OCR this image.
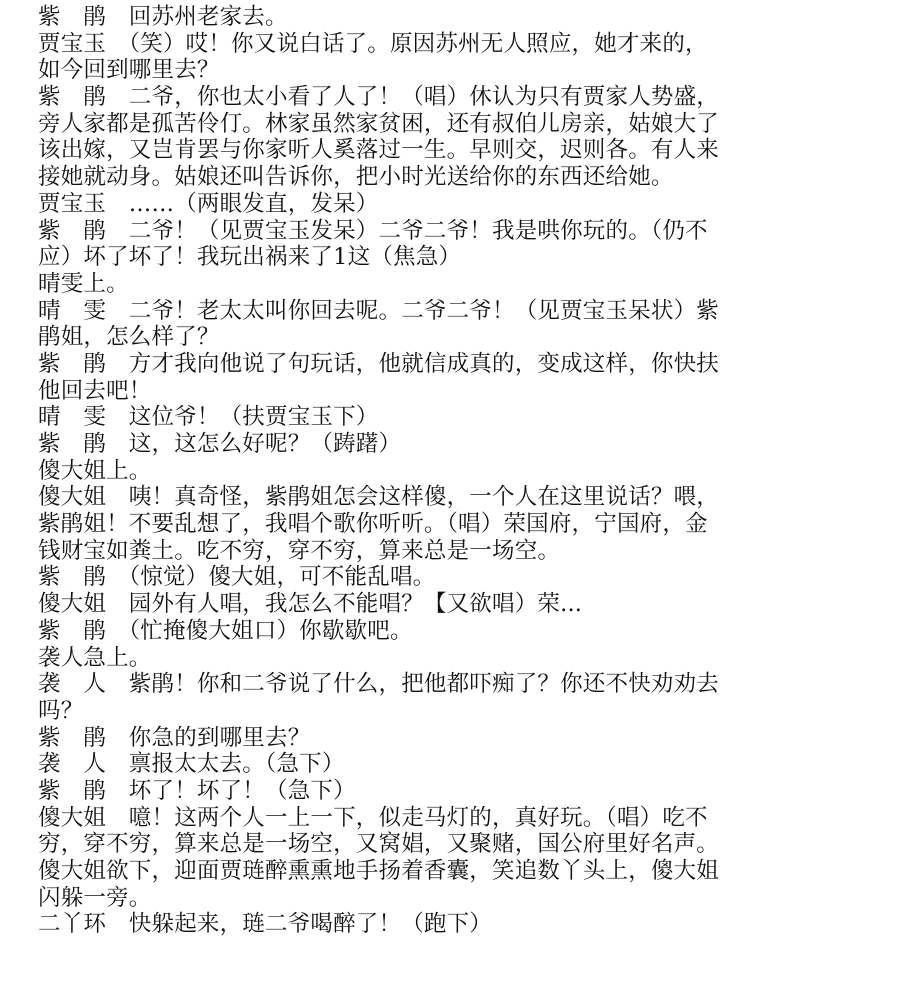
紫　鹃　回苏州老家去。
贾宝玉　（笑）哎！你又说白话了。原因苏州无人照应，她才来的，
如今回到哪里去？
紫　鹃　二爷，你也太小看了人了！（唱）休认为只有贾家人势盛，
旁人家都是孤苦伶仃。林家虽然家贫困，还有叔伯儿房亲，姑娘大了
该出嫁，又岂肯罢与你家听人奚落过一生。早则交，迟则各。有人来
接她就动身。姑娘还叫告诉你，把小时光送给你的东西还给她。
贾宝玉　……（两眼发直，发呆）
紫　鹃　二爷！（见贾宝玉发呆）二爷二爷！我是哄你玩的。（仍不
应）坏了坏了！我玩出祸来了1这（焦急）
晴雯上。
晴　雯　二爷！老太太叫你回去呢。二爷二爷！（见贾宝玉呆状）紫
鹃姐，怎么样了？
紫　鹃　方才我向他说了句玩话，他就信成真的，变成这样，你快扶
他回去吧！
晴　雯　这位爷！（扶贾宝玉下）
紫　鹃　这，这怎么好呢？（踌躇）
傻大姐上。
傻大姐　咦！真奇怪，紫鹃姐怎会这样傻，一个人在这里说话？喂，
紫鹃姐！不要乱想了，我唱个歌你听听。（唱）荣国府，宁国府，金
钱财宝如粪土。吃不穷，穿不穷，算来总是一场空。
紫　鹃　（惊觉）傻大姐，可不能乱唱。
傻大姐　园外有人唱，我怎么不能唱？【又欲唱）荣...
紫　鹃　（忙掩傻大姐口）你歇歇吧。
袭人急上。
袭　人　紫鹃！你和二爷说了什么，把他都吓痴了？你还不快劝劝去
吗？
紫　鹃　你急的到哪里去？
袭　人　禀报太太去。（急下）
紫　鹃　坏了！坏了！（急下）
傻大姐　噫！这两个人一上一下，似走马灯的，真好玩。（唱）吃不
穷，穿不穷，算来总是一场空，又窝娼，又聚赌，国公府里好名声。
傻大姐欲下，迎面贾琏醉熏熏地手扬着香囊，笑追数丫头上，傻大姐
闪躲一旁。
二丫环　快躲起来，琏二爷喝醉了！（跑下）
